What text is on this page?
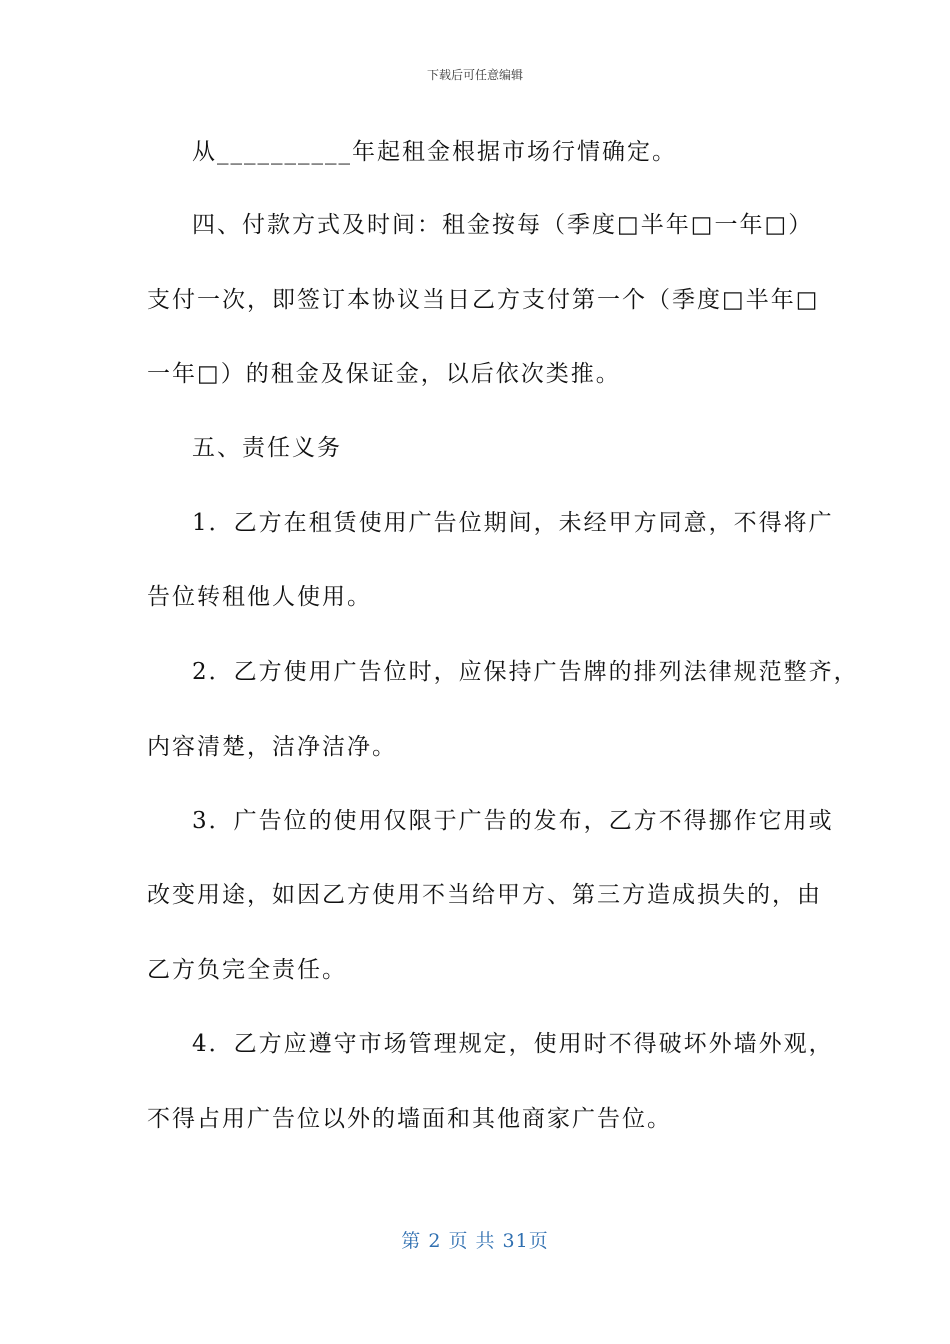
下载后可任意编辑
从__________年起租金根据市场行情确定。
四、付款方式及时间：租金按每（季度□半年□一年□）
支付一次，即签订本协议当日乙方支付第一个（季度□半年□
一年□）的租金及保证金，以后依次类推。
五、责任义务
1．乙方在租赁使用广告位期间，未经甲方同意，不得将广
告位转租他人使用。
2．乙方使用广告位时，应保持广告牌的排列法律规范整齐，
内容清楚，洁净洁净。
3．广告位的使用仅限于广告的发布，乙方不得挪作它用或
改变用途，如因乙方使用不当给甲方、第三方造成损失的，由
乙方负完全责任。
4．乙方应遵守市场管理规定，使用时不得破坏外墙外观，
不得占用广告位以外的墙面和其他商家广告位。
第 2 页 共 31页
